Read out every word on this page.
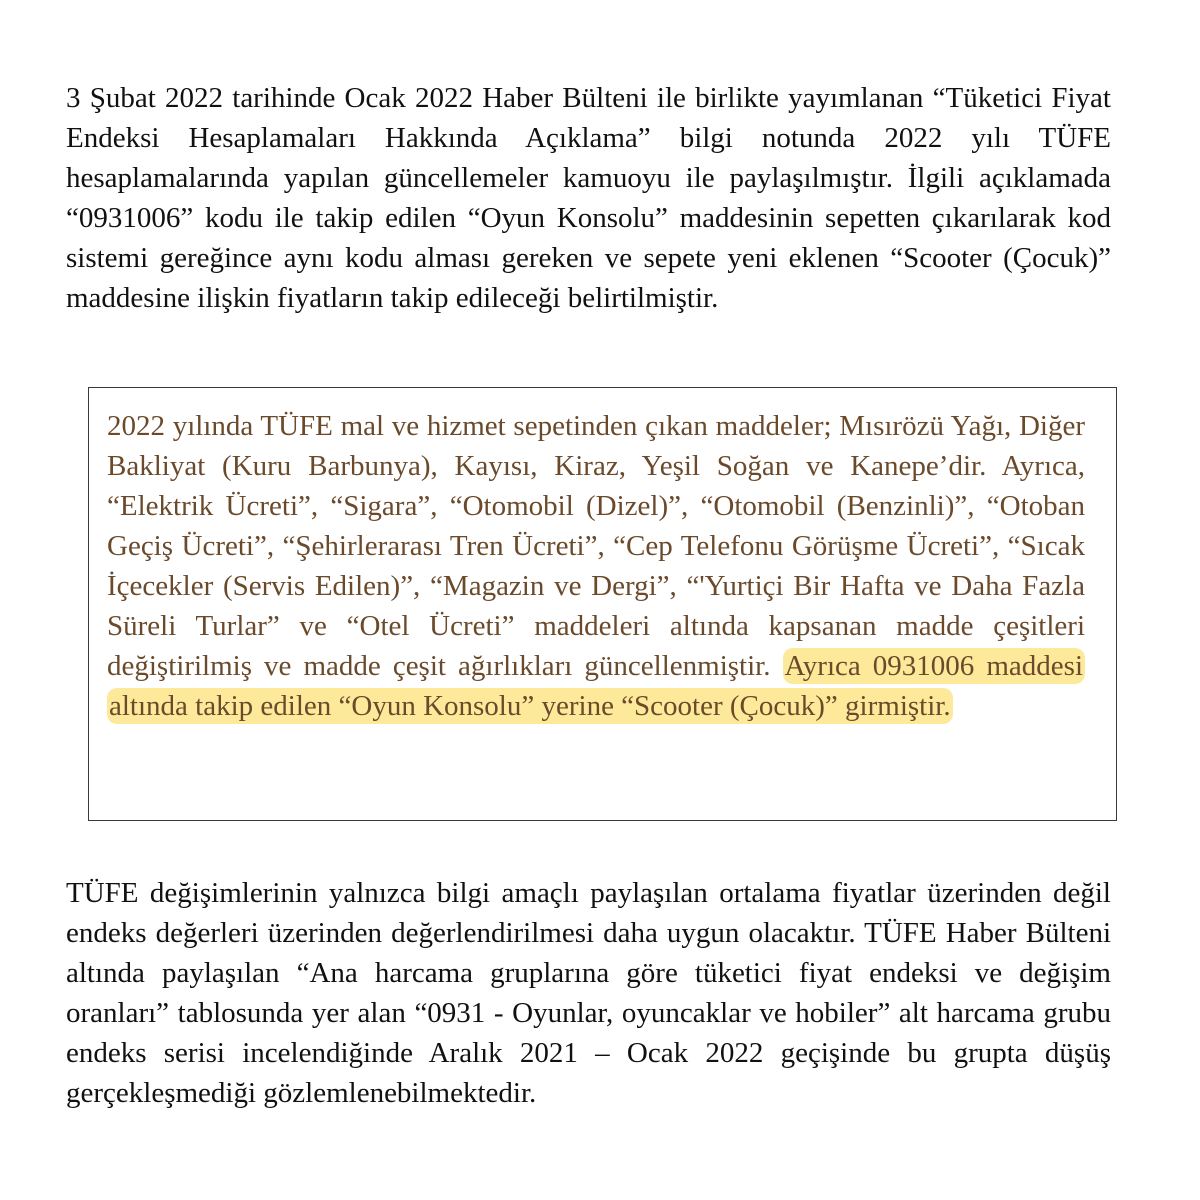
3 Şubat 2022 tarihinde Ocak 2022 Haber Bülteni ile birlikte yayımlanan “Tüketici Fiyat Endeksi Hesaplamaları Hakkında Açıklama” bilgi notunda 2022 yılı TÜFE hesaplamalarında yapılan güncellemeler kamuoyu ile paylaşılmıştır. İlgili açıklamada “0931006” kodu ile takip edilen “Oyun Konsolu” maddesinin sepetten çıkarılarak kod sistemi gereğince aynı kodu alması gereken ve sepete yeni eklenen “Scooter (Çocuk)” maddesine ilişkin fiyatların takip edileceği belirtilmiştir.

2022 yılında TÜFE mal ve hizmet sepetinden çıkan maddeler; Mısırözü Yağı, Diğer Bakliyat (Kuru Barbunya), Kayısı, Kiraz, Yeşil Soğan ve Kanepe’dir. Ayrıca, “Elektrik Ücreti”, “Sigara”, “Otomobil (Dizel)”, “Otomobil (Benzinli)”, “Otoban Geçiş Ücreti”, “Şehirlerarası Tren Ücreti”, “Cep Telefonu Görüşme Ücreti”, “Sıcak İçecekler (Servis Edilen)”, “Magazin ve Dergi”, “'Yurtiçi Bir Hafta ve Daha Fazla Süreli Turlar” ve “Otel Ücreti” maddeleri altında kapsanan madde çeşitleri değiştirilmiş ve madde çeşit ağırlıkları güncellenmiştir. Ayrıca 0931006 maddesi altında takip edilen “Oyun Konsolu” yerine “Scooter (Çocuk)” girmiştir.

TÜFE değişimlerinin yalnızca bilgi amaçlı paylaşılan ortalama fiyatlar üzerinden değil endeks değerleri üzerinden değerlendirilmesi daha uygun olacaktır. TÜFE Haber Bülteni altında paylaşılan “Ana harcama gruplarına göre tüketici fiyat endeksi ve değişim oranları” tablosunda yer alan “0931 - Oyunlar, oyuncaklar ve hobiler” alt harcama grubu endeks serisi incelendiğinde Aralık 2021 – Ocak 2022 geçişinde bu grupta düşüş gerçekleşmediği gözlemlenebilmektedir.
